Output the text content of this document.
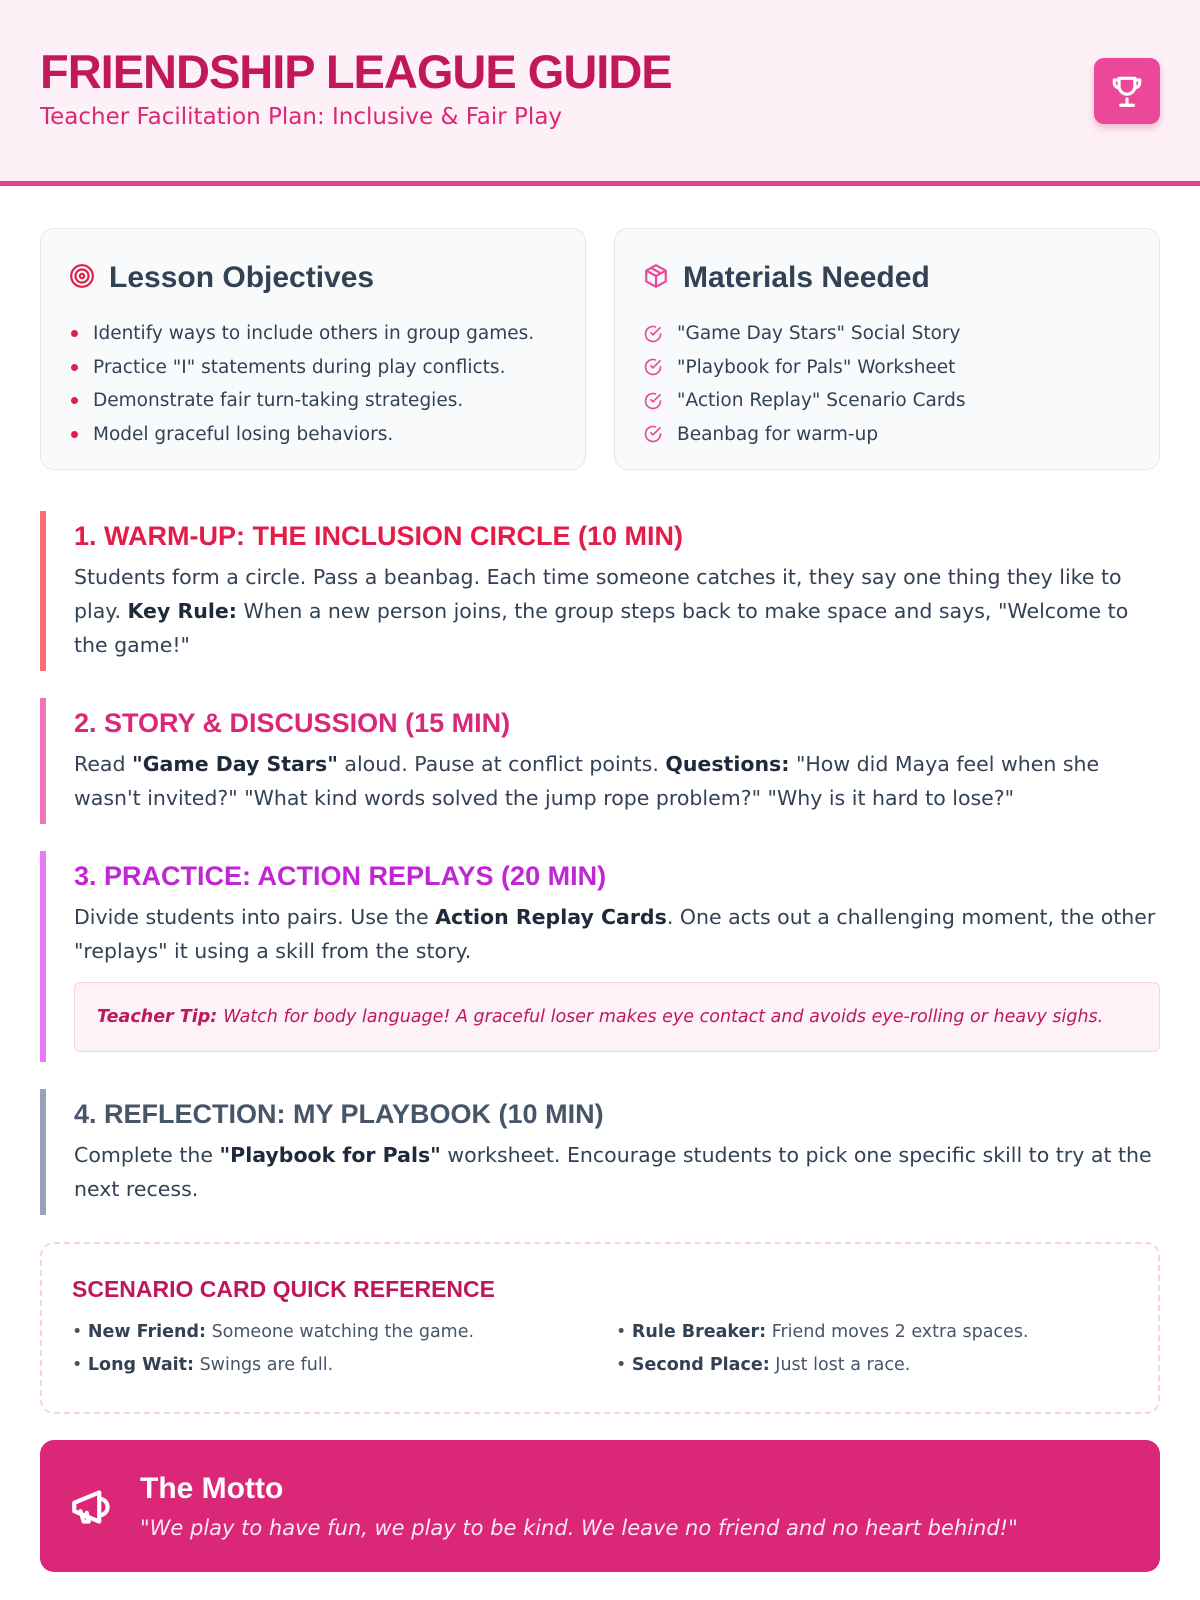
FRIENDSHIP LEAGUE GUIDE
Teacher Facilitation Plan: Inclusive & Fair Play
Lesson Objectives
Identify ways to include others in group games.
Practice "I" statements during play conflicts.
Demonstrate fair turn-taking strategies.
Model graceful losing behaviors.
Materials Needed
"Game Day Stars" Social Story
"Playbook for Pals" Worksheet
"Action Replay" Scenario Cards
Beanbag for warm-up
1. WARM-UP: THE INCLUSION CIRCLE (10 MIN)

Students form a circle. Pass a beanbag. Each time someone catches it, they say one thing they like to play. Key Rule: When a new person joins, the group steps back to make space and says, "Welcome to the game!"

2. STORY & DISCUSSION (15 MIN)

Read "Game Day Stars" aloud. Pause at conflict points. Questions: "How did Maya feel when she wasn't invited?" "What kind words solved the jump rope problem?" "Why is it hard to lose?"

3. PRACTICE: ACTION REPLAYS (20 MIN)

Divide students into pairs. Use the Action Replay Cards. One acts out a challenging moment, the other "replays" it using a skill from the story.

Teacher Tip: Watch for body language! A graceful loser makes eye contact and avoids eye-rolling or heavy sighs.
4. REFLECTION: MY PLAYBOOK (10 MIN)

Complete the "Playbook for Pals" worksheet. Encourage students to pick one specific skill to try at the next recess.

SCENARIO CARD QUICK REFERENCE
• New Friend: Someone watching the game.
• Long Wait: Swings are full.
• Rule Breaker: Friend moves 2 extra spaces.
• Second Place: Just lost a race.
The Motto
"We play to have fun, we play to be kind. We leave no friend and no heart behind!"
